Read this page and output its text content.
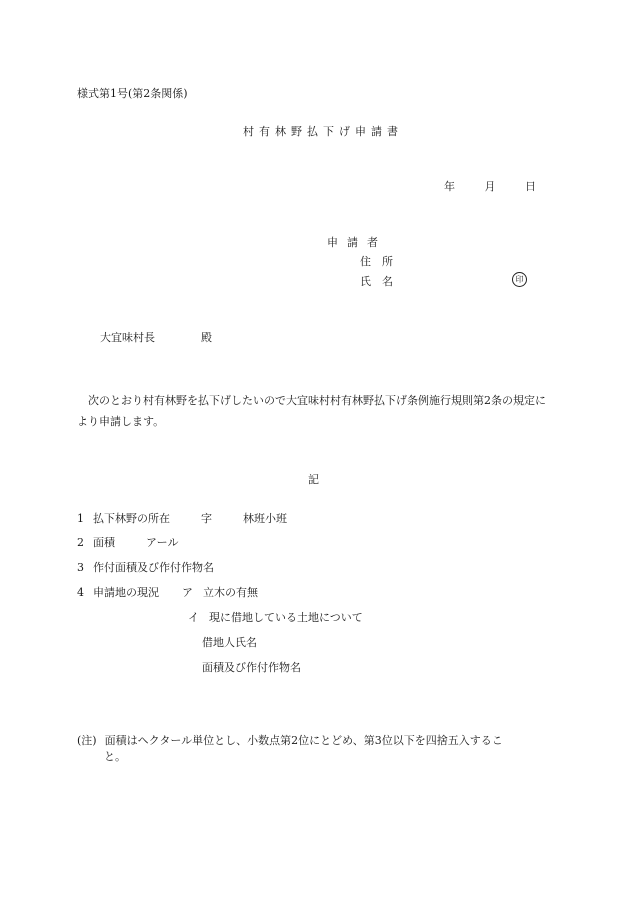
様式第1号(第2条関係)
村有林野払下げ申請書
年	月	日
申請者
住 所
氏 名	印
大宜味村長	殿
次のとおり村有林野を払下げしたいので大宜味村村有林野払下げ条例施行規則第2条の規定により申請します。
記
1 払下林野の所在	字	林班小班
2 面積	アール
3 作付面積及び作付作物名
4 申請地の現況 ア 立木の有無
イ 現に借地している土地について
借地人氏名
面積及び作付作物名
(注) 面積はヘクタール単位とし、小数点第2位にとどめ、第3位以下を四捨五入するこ
と。
